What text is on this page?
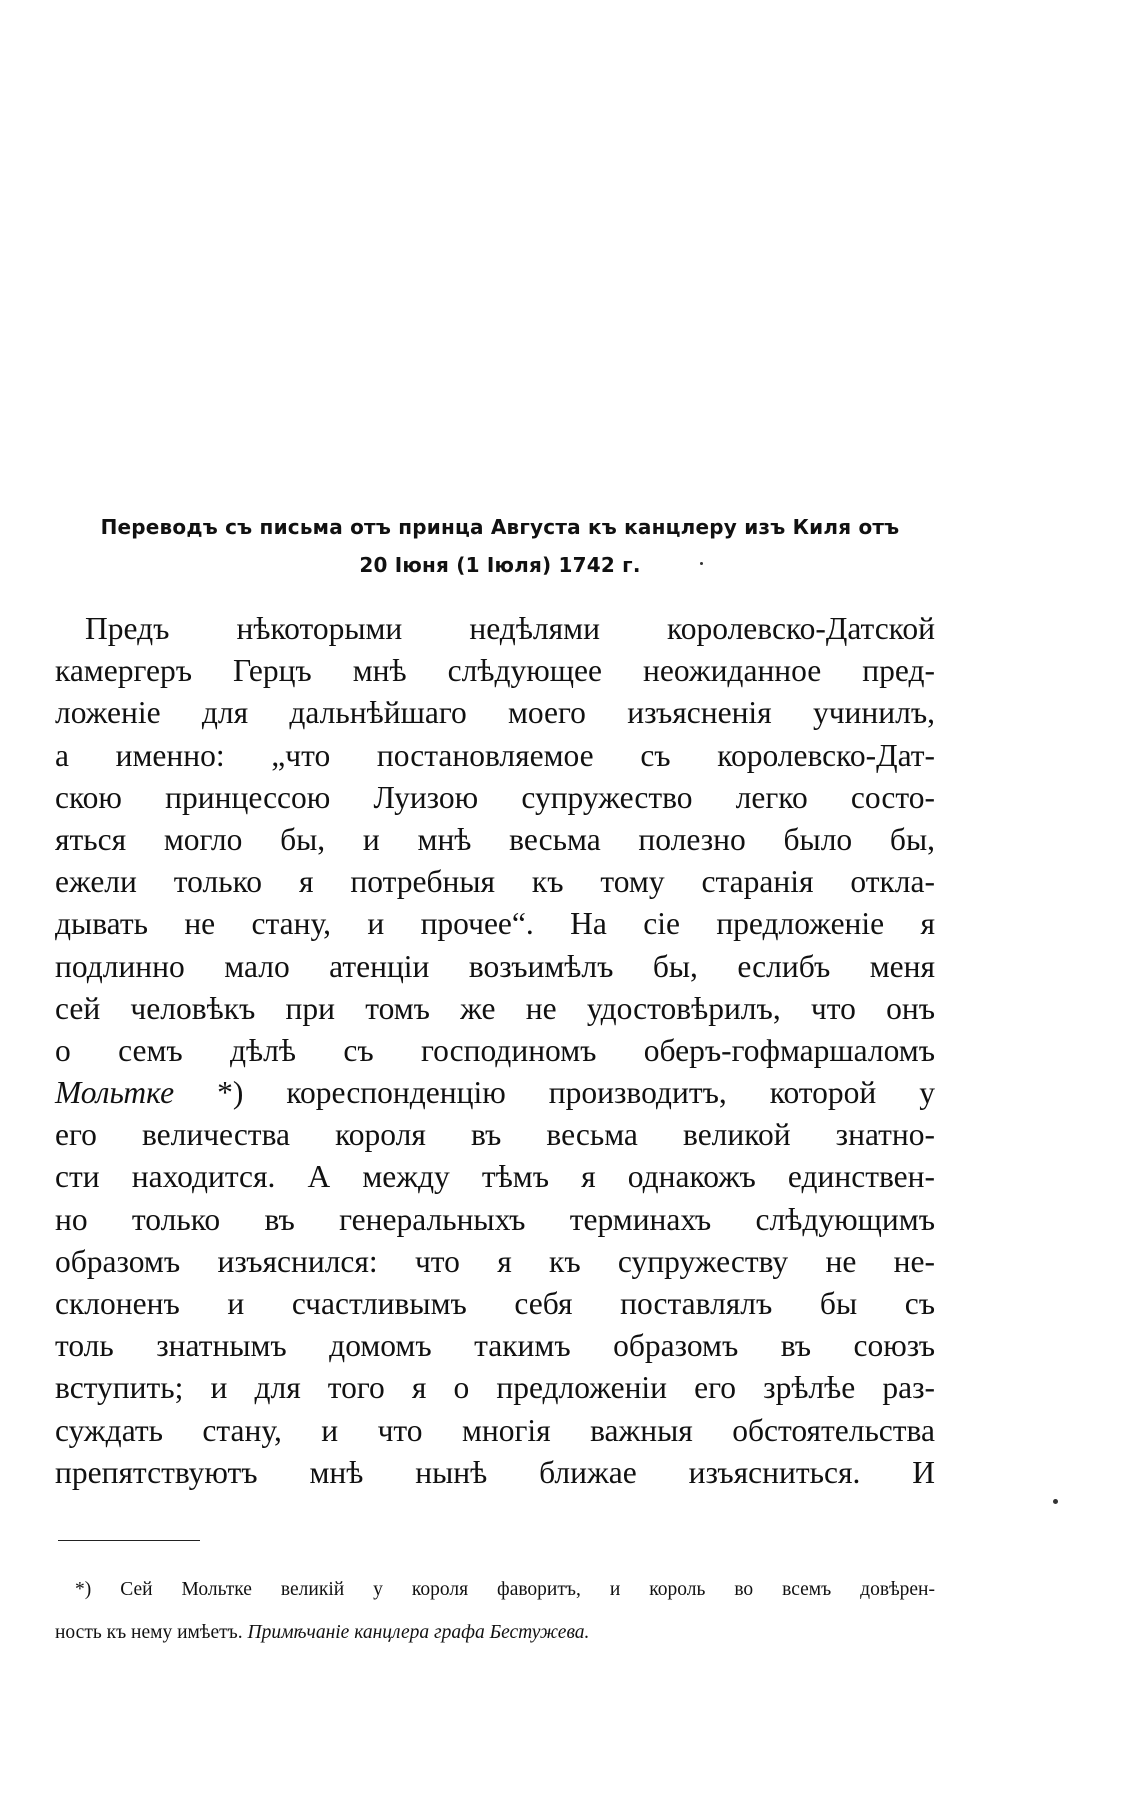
Переводъ съ письма отъ принца Августа къ канцлеру изъ Киля отъ
20 Іюня (1 Іюля) 1742 г.
Предъ нѣкоторыми недѣлями королевско-Датской
камергеръ Герцъ мнѣ слѣдующее неожиданное пред-
ложеніе для дальнѣйшаго моего изъясненія учинилъ,
а именно: „что постановляемое съ королевско-Дат-
скою принцессою Луизою супружество легко состо-
яться могло бы, и мнѣ весьма полезно было бы,
ежели только я потребныя къ тому старанія откла-
дывать не стану, и прочее“. На сіе предложеніе я
подлинно мало атенціи возъимѣлъ бы, еслибъ меня
сей человѣкъ при томъ же не удостовѣрилъ, что онъ
о семъ дѣлѣ съ господиномъ оберъ-гофмаршаломъ
Мольтке *) кореспонденцію производитъ, которой у
его величества короля въ весьма великой знатно-
сти находится. А между тѣмъ я однакожъ единствен-
но только въ генеральныхъ терминахъ слѣдующимъ
образомъ изъяснился: что я къ супружеству не не-
склоненъ и счастливымъ себя поставлялъ бы съ
толь знатнымъ домомъ такимъ образомъ въ союзъ
вступить; и для того я о предложеніи его зрѣлѣе раз-
суждать стану, и что многія важныя обстоятельства
препятствуютъ мнѣ нынѣ ближае изъясниться. И
*) Сей Мольтке великій у короля фаворитъ, и король во всемъ довѣрен-
ность къ нему имѣетъ. Примѣчаніе канцлера графа Бестужева.
